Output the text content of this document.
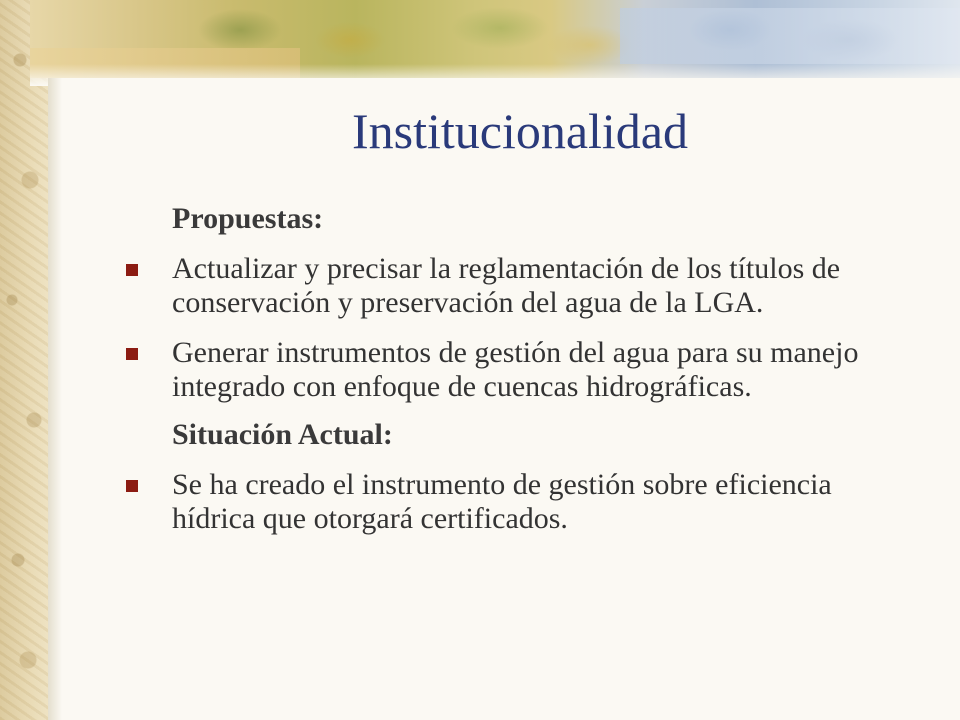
Institucionalidad
Propuestas:
Actualizar y precisar la reglamentación de los títulos de conservación y preservación del agua de la LGA.
Generar instrumentos de gestión del agua para su manejo integrado con enfoque de cuencas hidrográficas.
Situación Actual:
Se ha creado el instrumento de gestión sobre eficiencia hídrica que otorgará certificados.
